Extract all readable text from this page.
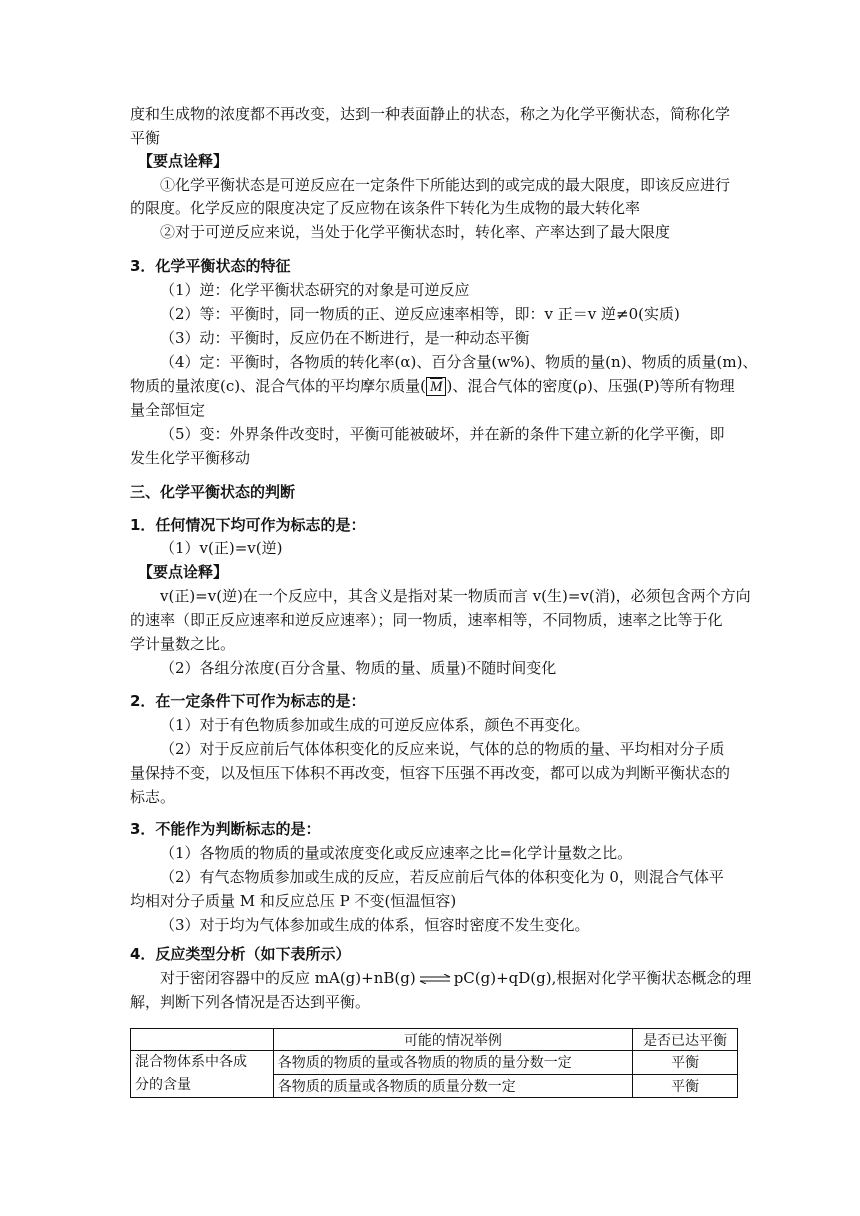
度和生成物的浓度都不再改变，达到一种表面静止的状态，称之为化学平衡状态，简称化学
平衡
【要点诠释】
①化学平衡状态是可逆反应在一定条件下所能达到的或完成的最大限度，即该反应进行
的限度。化学反应的限度决定了反应物在该条件下转化为生成物的最大转化率
②对于可逆反应来说，当处于化学平衡状态时，转化率、产率达到了最大限度
3．化学平衡状态的特征
（1）逆：化学平衡状态研究的对象是可逆反应
（2）等：平衡时，同一物质的正、逆反应速率相等，即：v 正＝v 逆≠0(实质)
（3）动：平衡时，反应仍在不断进行，是一种动态平衡
（4）定：平衡时，各物质的转化率(α)、百分含量(w%)、物质的量(n)、物质的质量(m)、
物质的量浓度(c)、混合气体的平均摩尔质量( $\overline{M}$ )、混合气体的密度(ρ)、压强(P)等所有物理
量全部恒定
（5）变：外界条件改变时，平衡可能被破坏，并在新的条件下建立新的化学平衡，即
发生化学平衡移动
三、化学平衡状态的判断
1．任何情况下均可作为标志的是：
（1）v(正)=v(逆)
【要点诠释】
v(正)=v(逆)在一个反应中，其含义是指对某一物质而言 v(生)=v(消)，必须包含两个方向
的速率（即正反应速率和逆反应速率）；同一物质，速率相等，不同物质，速率之比等于化
学计量数之比。
（2）各组分浓度(百分含量、物质的量、质量)不随时间变化
2．在一定条件下可作为标志的是：
（1）对于有色物质参加或生成的可逆反应体系，颜色不再变化。
（2）对于反应前后气体体积变化的反应来说，气体的总的物质的量、平均相对分子质
量保持不变，以及恒压下体积不再改变，恒容下压强不再改变，都可以成为判断平衡状态的
标志。
3．不能作为判断标志的是：
（1）各物质的物质的量或浓度变化或反应速率之比=化学计量数之比。
（2）有气态物质参加或生成的反应，若反应前后气体的体积变化为 0，则混合气体平
均相对分子质量 M 和反应总压 P 不变(恒温恒容)
（3）对于均为气体参加或生成的体系，恒容时密度不发生变化。
4．反应类型分析（如下表所示）
对于密闭容器中的反应 mA(g)+nB(g) ⇌ pC(g)+qD(g),根据对化学平衡状态概念的理
解，判断下列各情况是否达到平衡。
	可能的情况举例	是否已达平衡
混合物体系中各成
分的含量	各物质的物质的量或各物质的物质的量分数一定	平衡
	各物质的质量或各物质的质量分数一定	平衡
